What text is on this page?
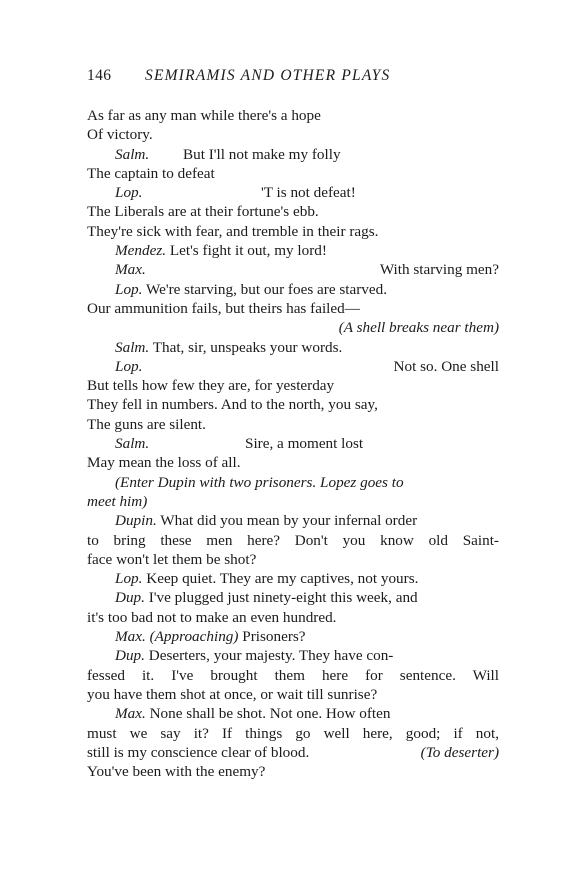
146 SEMIRAMIS AND OTHER PLAYS
As far as any man while there's a hope
Of victory.
Salm. But I'll not make my folly
The captain to defeat
Lop.	'T is not defeat!
The Liberals are at their fortune's ebb.
They're sick with fear, and tremble in their rags.
Mendez. Let's fight it out, my lord!
Max.	With starving men?
Lop. We're starving, but our foes are starved.
Our ammunition fails, but theirs has failed—
(A shell breaks near them)
Salm. That, sir, unspeaks your words.
Lop.	Not so. One shell
But tells how few they are, for yesterday
They fell in numbers. And to the north, you say,
The guns are silent.
Salm.	Sire, a moment lost
May mean the loss of all.
(Enter Dupin with two prisoners. Lopez goes to
meet him)
Dupin. What did you mean by your infernal order
to bring these men here? Don't you know old Saint-
face won't let them be shot?
Lop. Keep quiet. They are my captives, not yours.
Dup. I've plugged just ninety-eight this week, and
it's too bad not to make an even hundred.
Max. (Approaching) Prisoners?
Dup. Deserters, your majesty. They have con-
fessed it. I've brought them here for sentence. Will
you have them shot at once, or wait till sunrise?
Max. None shall be shot. Not one. How often
must we say it? If things go well here, good; if not,
still is my conscience clear of blood.	(To deserter)
You've been with the enemy?
